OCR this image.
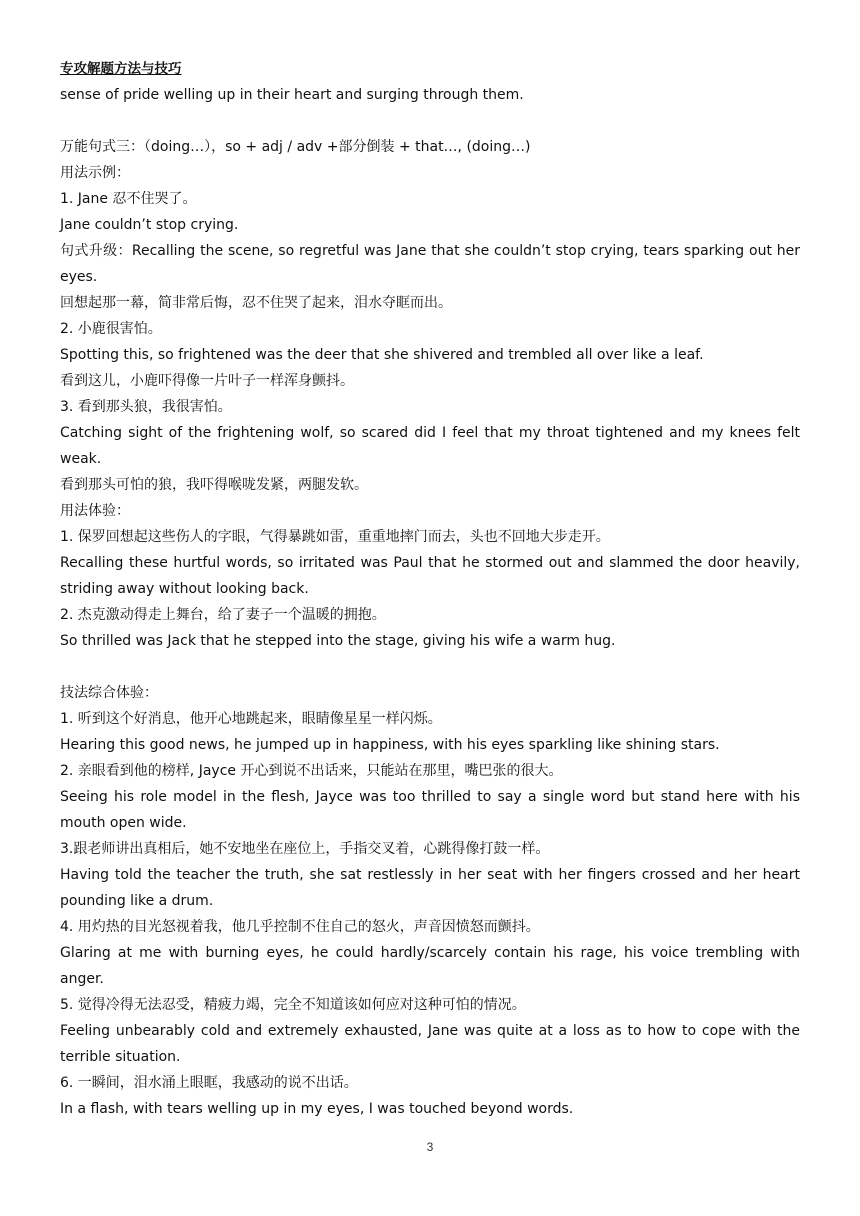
专攻解题方法与技巧

sense of pride welling up in their heart and surging through them.

万能句式三：（doing…），so + adj / adv +部分倒装 + that…, (doing…)

用法示例：

1. Jane 忍不住哭了。

Jane couldn’t stop crying.

句式升级：Recalling the scene, so regretful was Jane that she couldn’t stop crying, tears sparking out her eyes.

回想起那一幕，简非常后悔，忍不住哭了起来，泪水夺眶而出。

2. 小鹿很害怕。

Spotting this, so frightened was the deer that she shivered and trembled all over like a leaf.

看到这儿，小鹿吓得像一片叶子一样浑身颤抖。

3. 看到那头狼，我很害怕。

Catching sight of the frightening wolf, so scared did I feel that my throat tightened and my knees felt weak.

看到那头可怕的狼，我吓得喉咙发紧，两腿发软。

用法体验：

1. 保罗回想起这些伤人的字眼，气得暴跳如雷，重重地摔门而去，头也不回地大步走开。

Recalling these hurtful words, so irritated was Paul that he stormed out and slammed the door heavily, striding away without looking back.

2. 杰克激动得走上舞台，给了妻子一个温暖的拥抱。

So thrilled was Jack that he stepped into the stage, giving his wife a warm hug.

技法综合体验：

1. 听到这个好消息，他开心地跳起来，眼睛像星星一样闪烁。

Hearing this good news, he jumped up in happiness, with his eyes sparkling like shining stars.

2. 亲眼看到他的榜样, Jayce 开心到说不出话来，只能站在那里，嘴巴张的很大。

Seeing his role model in the flesh, Jayce was too thrilled to say a single word but stand here with his mouth open wide.

3.跟老师讲出真相后，她不安地坐在座位上，手指交叉着，心跳得像打鼓一样。

Having told the teacher the truth, she sat restlessly in her seat with her fingers crossed and her heart pounding like a drum.

4. 用灼热的目光怒视着我，他几乎控制不住自己的怒火，声音因愤怒而颤抖。

Glaring at me with burning eyes, he could hardly/scarcely contain his rage, his voice trembling with anger.

5. 觉得冷得无法忍受，精疲力竭，完全不知道该如何应对这种可怕的情况。

Feeling unbearably cold and extremely exhausted, Jane was quite at a loss as to how to cope with the terrible situation.

6. 一瞬间，泪水涌上眼眶，我感动的说不出话。

In a flash, with tears welling up in my eyes, I was touched beyond words.

3
